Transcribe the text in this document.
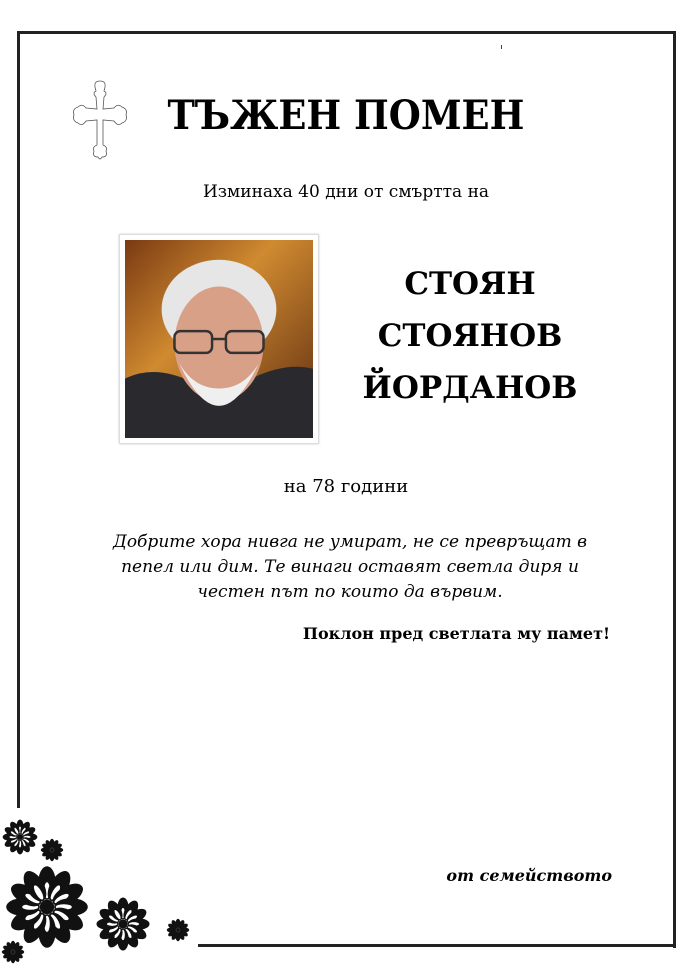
ТЪЖЕН ПОМЕН
Изминаха 40 дни от смъртта на
СТОЯН
СТОЯНОВ
ЙОРДАНОВ
на 78 години
Добрите хора нивга не умират, не се превръщат в
пепел или дим. Те винаги оставят светла диря и
честен път по които да вървим.
Поклон пред светлата му памет!
от семейството
